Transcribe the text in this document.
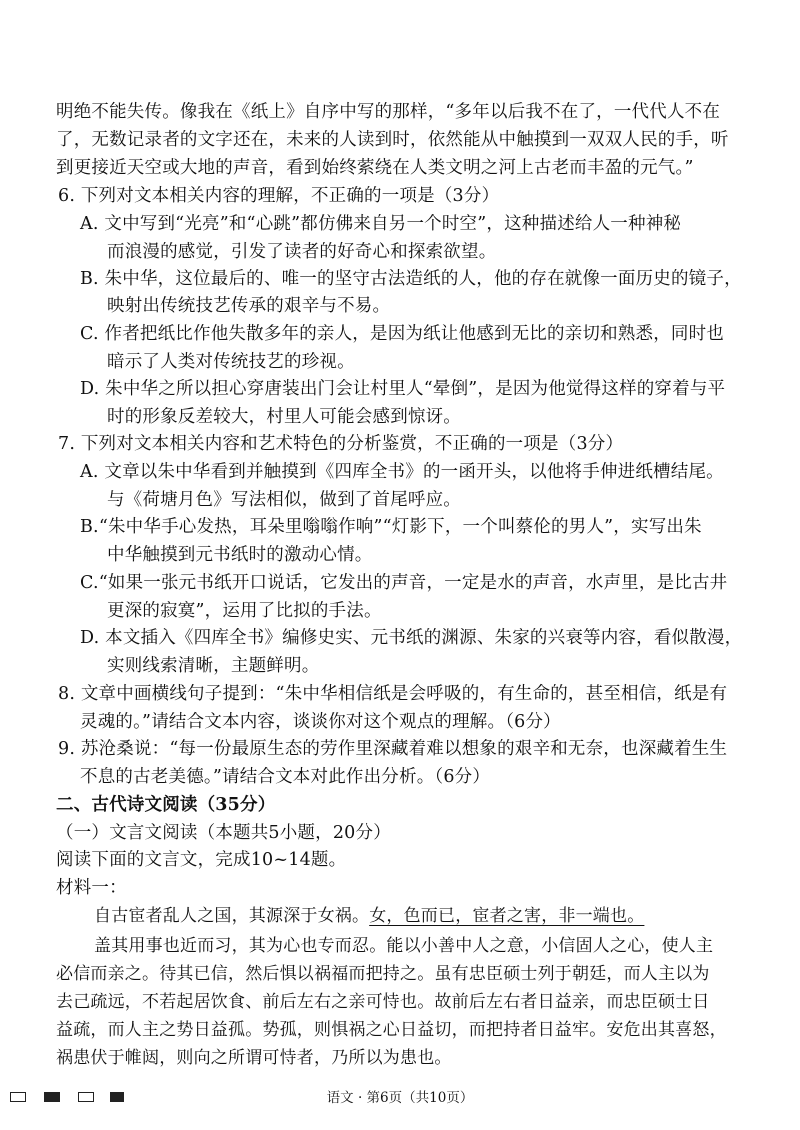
明绝不能失传。像我在《纸上》自序中写的那样，“多年以后我不在了，一代代人不在
了，无数记录者的文字还在，未来的人读到时，依然能从中触摸到一双双人民的手，听
到更接近天空或大地的声音，看到始终萦绕在人类文明之河上古老而丰盈的元气。”
6. 下列对文本相关内容的理解，不正确的一项是（3分）
A. 文中写到“光亮”和“心跳”都仿佛来自另一个时空”，这种描述给人一种神秘
而浪漫的感觉，引发了读者的好奇心和探索欲望。
B. 朱中华，这位最后的、唯一的坚守古法造纸的人，他的存在就像一面历史的镜子，
映射出传统技艺传承的艰辛与不易。
C. 作者把纸比作他失散多年的亲人，是因为纸让他感到无比的亲切和熟悉，同时也
暗示了人类对传统技艺的珍视。
D. 朱中华之所以担心穿唐装出门会让村里人“晕倒”，是因为他觉得这样的穿着与平
时的形象反差较大，村里人可能会感到惊讶。
7. 下列对文本相关内容和艺术特色的分析鉴赏，不正确的一项是（3分）
A. 文章以朱中华看到并触摸到《四库全书》的一函开头，以他将手伸进纸槽结尾。
与《荷塘月色》写法相似，做到了首尾呼应。
B.“朱中华手心发热，耳朵里嗡嗡作响”“灯影下，一个叫蔡伦的男人”，实写出朱
中华触摸到元书纸时的激动心情。
C.“如果一张元书纸开口说话，它发出的声音，一定是水的声音，水声里，是比古井
更深的寂寞”，运用了比拟的手法。
D. 本文插入《四库全书》编修史实、元书纸的渊源、朱家的兴衰等内容，看似散漫，
实则线索清晰，主题鲜明。
8. 文章中画横线句子提到：“朱中华相信纸是会呼吸的，有生命的，甚至相信，纸是有
灵魂的。”请结合文本内容，谈谈你对这个观点的理解。（6分）
9. 苏沧桑说：“每一份最原生态的劳作里深藏着难以想象的艰辛和无奈，也深藏着生生
不息的古老美德。”请结合文本对此作出分析。（6分）
二、古代诗文阅读（35分）
（一）文言文阅读（本题共5小题，20分）
阅读下面的文言文，完成10~14题。
材料一：
自古宦者乱人之国，其源深于女祸。女，色而已，宦者之害，非一端也。
盖其用事也近而习，其为心也专而忍。能以小善中人之意，小信固人之心，使人主
必信而亲之。待其已信，然后惧以祸福而把持之。虽有忠臣硕士列于朝廷，而人主以为
去己疏远，不若起居饮食、前后左右之亲可恃也。故前后左右者日益亲，而忠臣硕士日
益疏，而人主之势日益孤。势孤，则惧祸之心日益切，而把持者日益牢。安危出其喜怒，
祸患伏于帷闼，则向之所谓可恃者，乃所以为患也。
语文 · 第6页（共10页）
